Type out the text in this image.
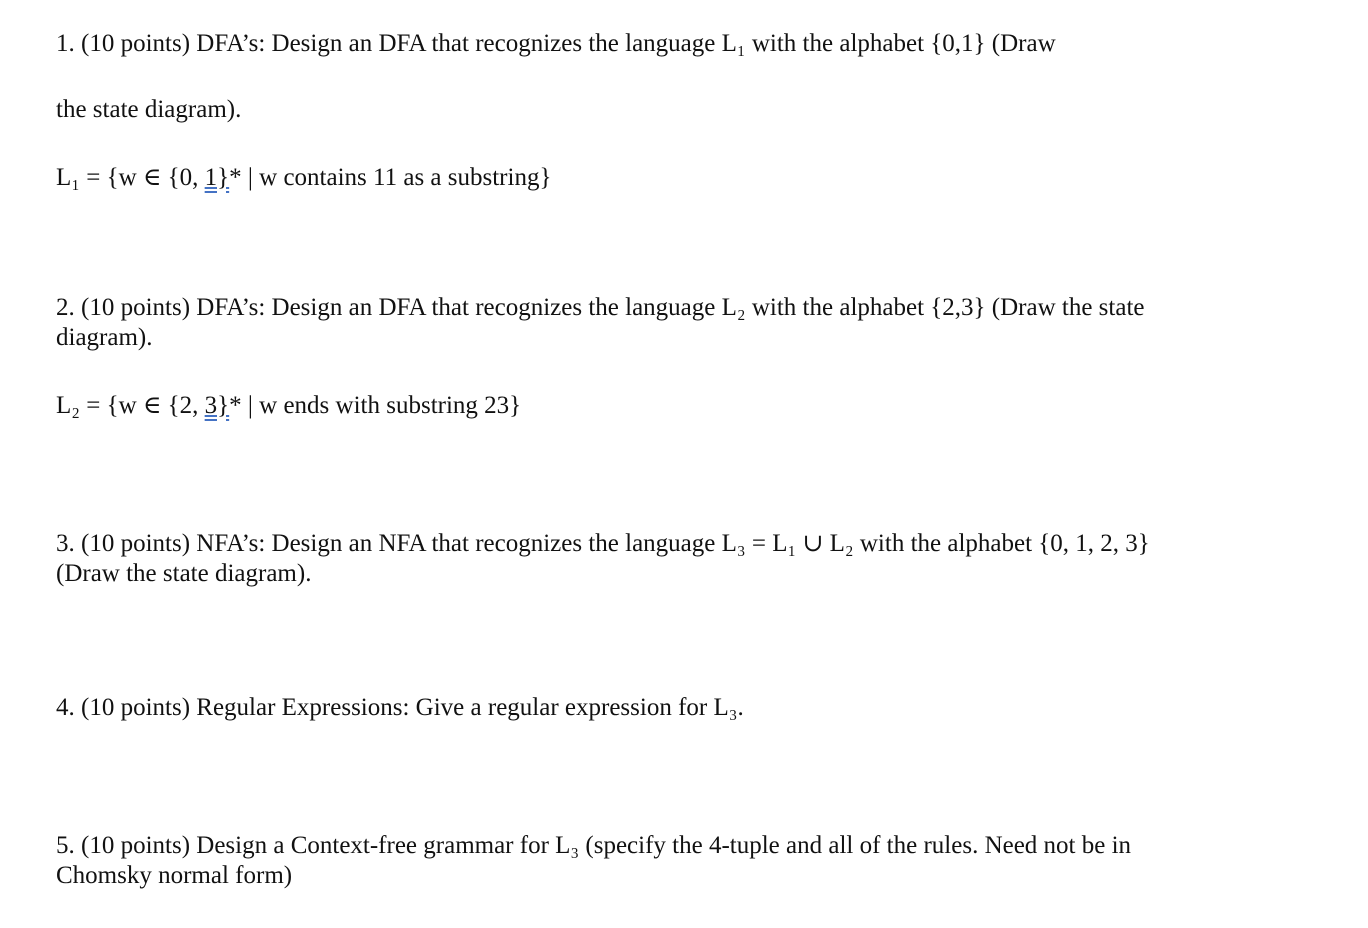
1. (10 points) DFA’s: Design an DFA that recognizes the language L₁ with the alphabet {0,1} (Draw
the state diagram).
L₁ = {w ∈ {0, 1}* | w contains 11 as a substring}
2. (10 points) DFA’s: Design an DFA that recognizes the language L₂ with the alphabet {2,3} (Draw the state
diagram).
L₂ = {w ∈ {2, 3}* | w ends with substring 23}
3. (10 points) NFA’s: Design an NFA that recognizes the language L₃ = L₁ ∪ L₂ with the alphabet {0, 1, 2, 3}
(Draw the state diagram).
4. (10 points) Regular Expressions: Give a regular expression for L₃.
5. (10 points) Design a Context-free grammar for L₃ (specify the 4-tuple and all of the rules. Need not be in
Chomsky normal form)
